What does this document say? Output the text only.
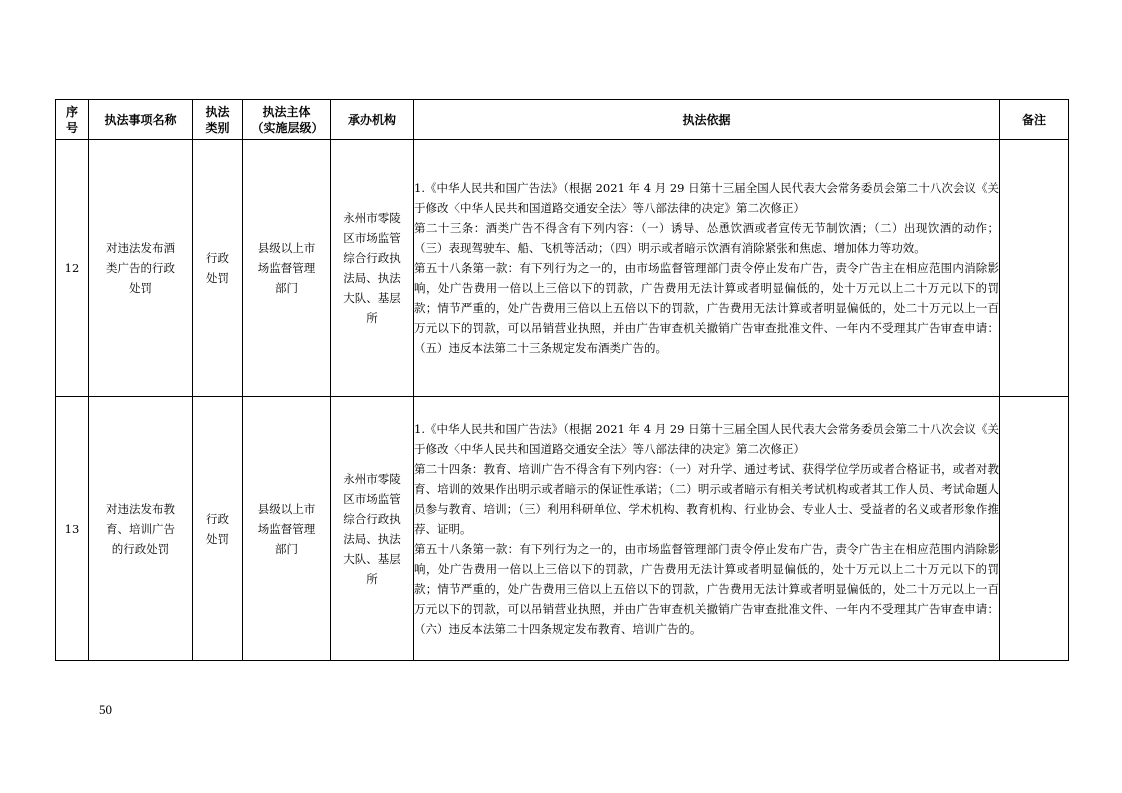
序号	执法事项名称	执法类别	执法主体（实施层级）	承办机构	执法依据	备注
12	对违法发布酒类广告的行政处罚	行政处罚	县级以上市场监督管理部门	永州市零陵区市场监管综合行政执法局、执法大队、基层所	1.《中华人民共和国广告法》（根据 2021 年 4 月 29 日第十三届全国人民代表大会常务委员会第二十八次会议《关于修改〈中华人民共和国道路交通安全法〉等八部法律的决定》第二次修正）
第二十三条：酒类广告不得含有下列内容：（一）诱导、怂恿饮酒或者宣传无节制饮酒；（二）出现饮酒的动作；（三）表现驾驶车、船、飞机等活动；（四）明示或者暗示饮酒有消除紧张和焦虑、增加体力等功效。
第五十八条第一款：有下列行为之一的，由市场监督管理部门责令停止发布广告，责令广告主在相应范围内消除影响，处广告费用一倍以上三倍以下的罚款，广告费用无法计算或者明显偏低的，处十万元以上二十万元以下的罚款；情节严重的，处广告费用三倍以上五倍以下的罚款，广告费用无法计算或者明显偏低的，处二十万元以上一百万元以下的罚款，可以吊销营业执照，并由广告审查机关撤销广告审查批准文件、一年内不受理其广告审查申请：（五）违反本法第二十三条规定发布酒类广告的。	

13	对违法发布教育、培训广告的行政处罚	行政处罚	县级以上市场监督管理部门	永州市零陵区市场监管综合行政执法局、执法大队、基层所	1.《中华人民共和国广告法》（根据 2021 年 4 月 29 日第十三届全国人民代表大会常务委员会第二十八次会议《关于修改〈中华人民共和国道路交通安全法〉等八部法律的决定》第二次修正）
第二十四条：教育、培训广告不得含有下列内容：（一）对升学、通过考试、获得学位学历或者合格证书，或者对教育、培训的效果作出明示或者暗示的保证性承诺；（二）明示或者暗示有相关考试机构或者其工作人员、考试命题人员参与教育、培训；（三）利用科研单位、学术机构、教育机构、行业协会、专业人士、受益者的名义或者形象作推荐、证明。
第五十八条第一款：有下列行为之一的，由市场监督管理部门责令停止发布广告，责令广告主在相应范围内消除影响，处广告费用一倍以上三倍以下的罚款，广告费用无法计算或者明显偏低的，处十万元以上二十万元以下的罚款；情节严重的，处广告费用三倍以上五倍以下的罚款，广告费用无法计算或者明显偏低的，处二十万元以上一百万元以下的罚款，可以吊销营业执照，并由广告审查机关撤销广告审查批准文件、一年内不受理其广告审查申请：（六）违反本法第二十四条规定发布教育、培训广告的。	

50
